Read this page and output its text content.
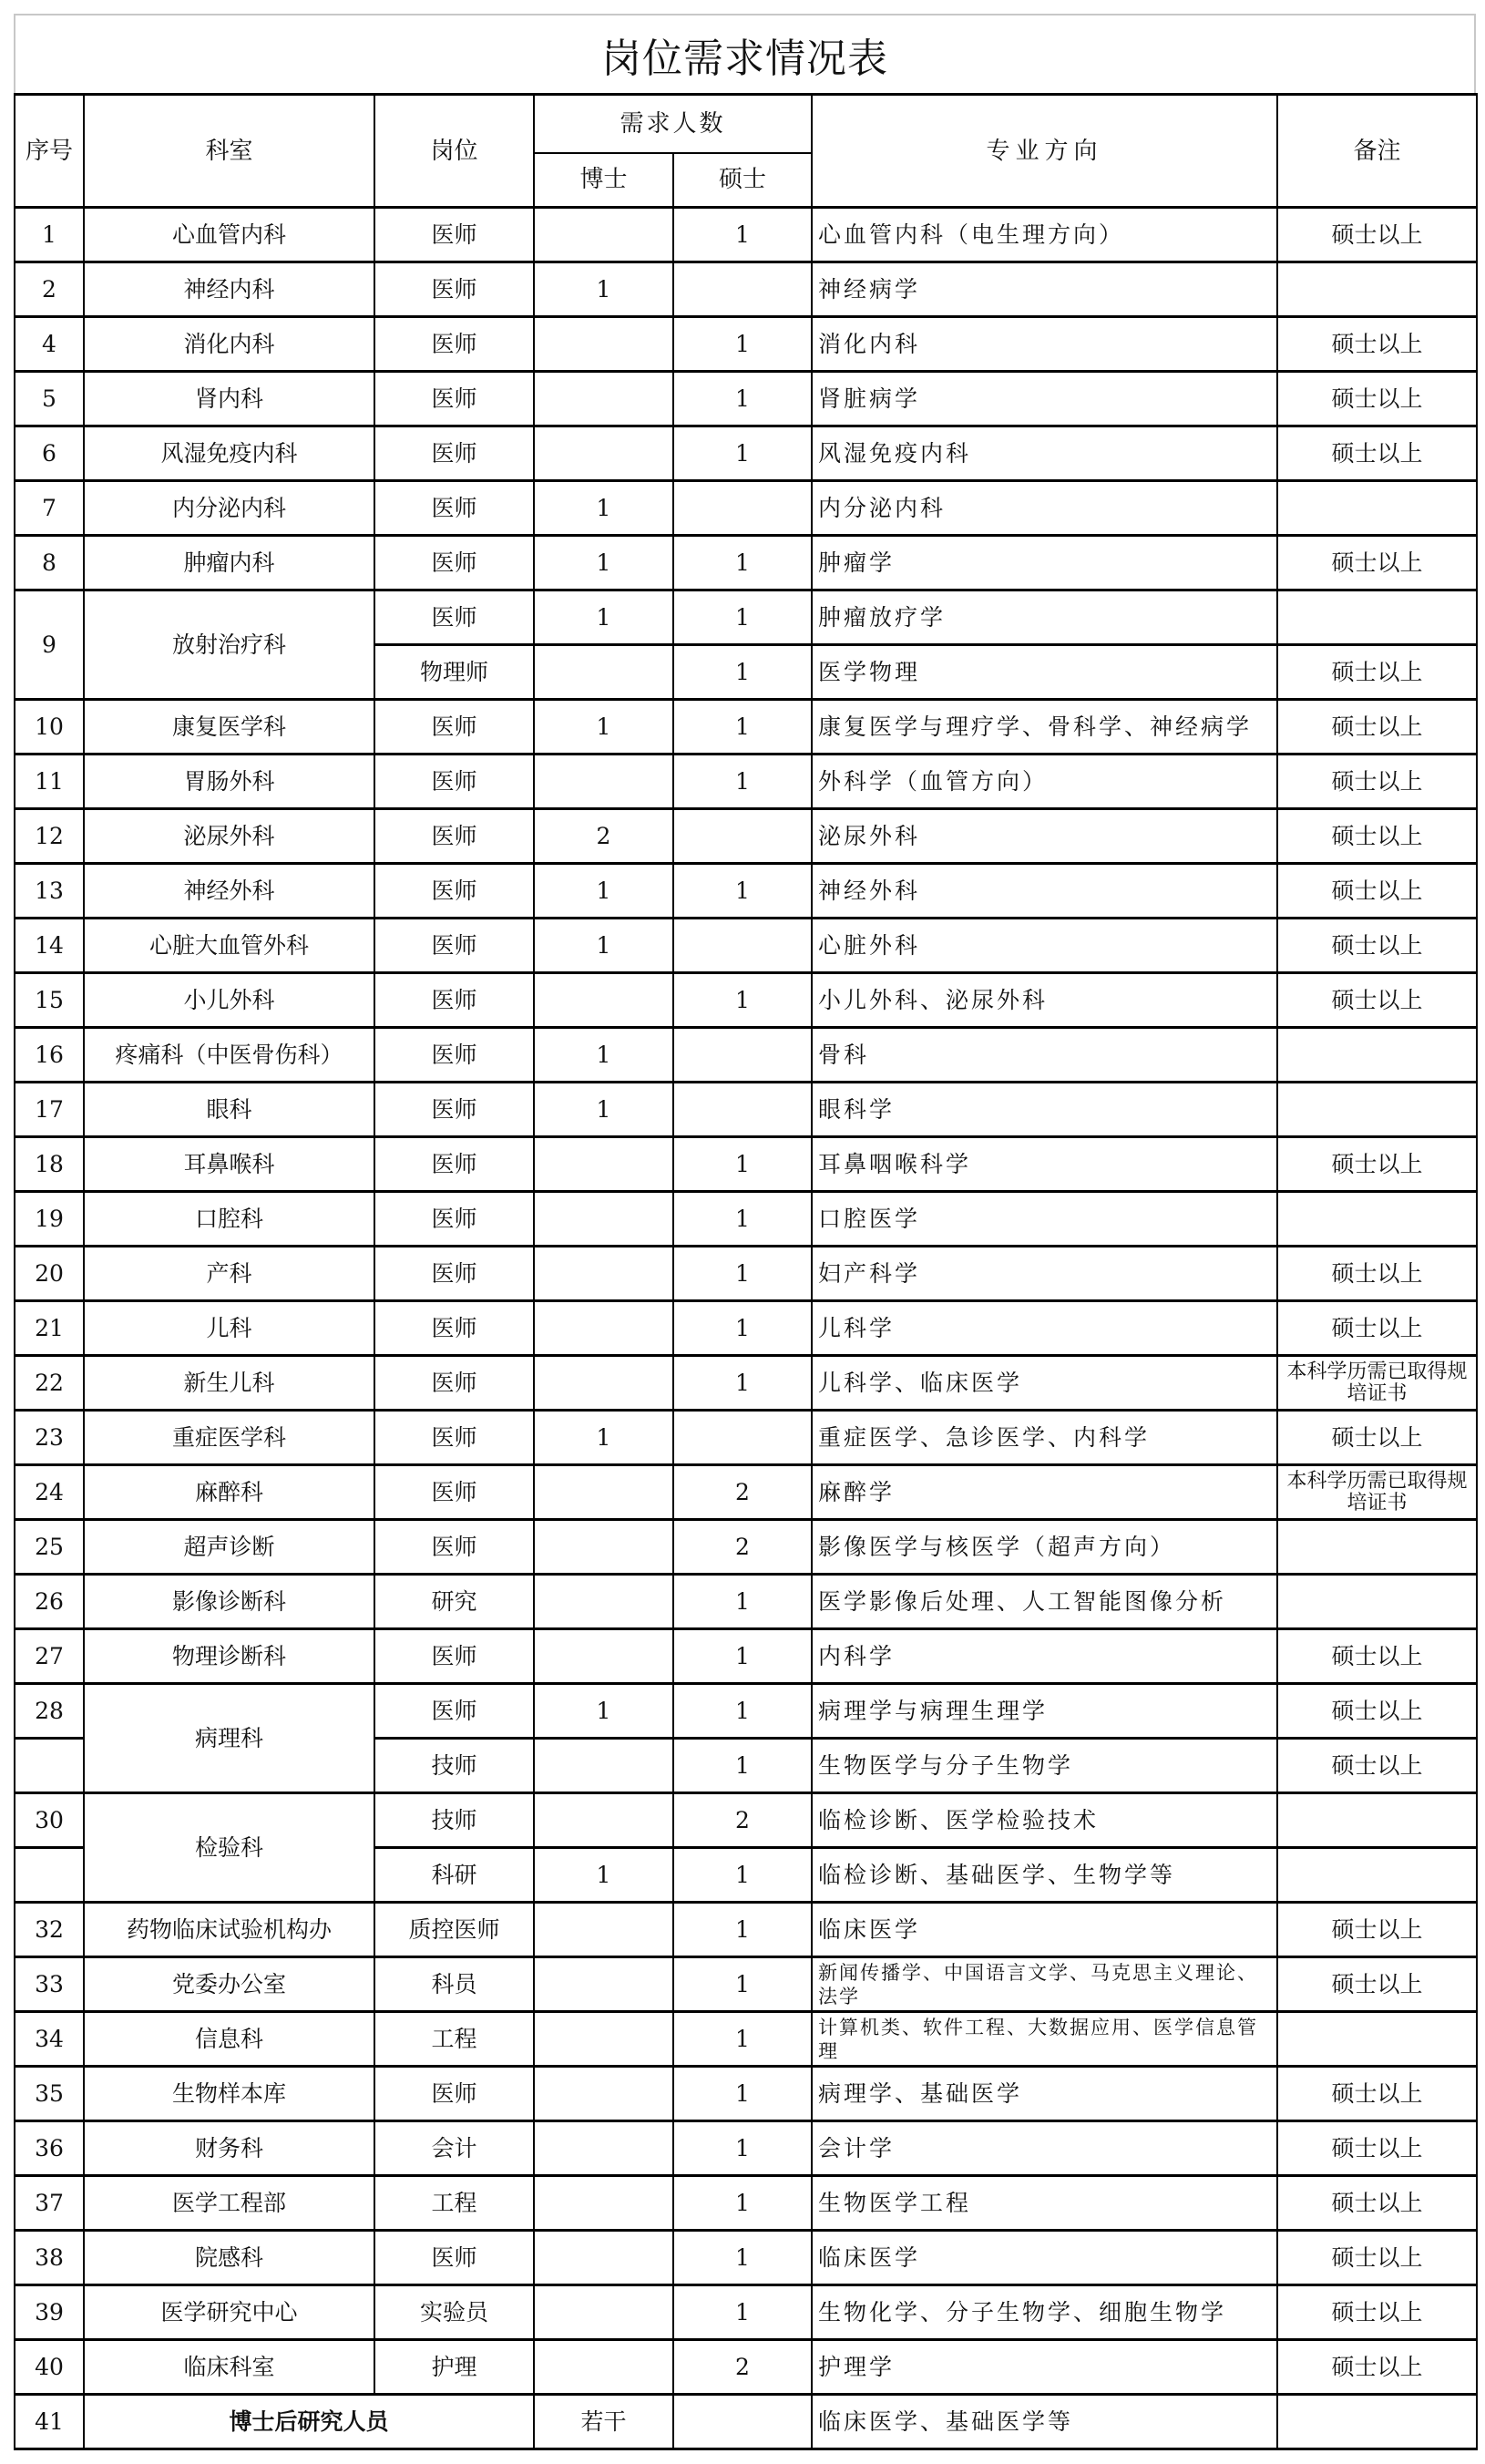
岗位需求情况表
序号	科室	岗位	需求人数		专业方向	备注
			博士	硕士		
1	心血管内科	医师		1	心血管内科（电生理方向）	硕士以上
2	神经内科	医师	1		神经病学	
4	消化内科	医师		1	消化内科	硕士以上
5	肾内科	医师		1	肾脏病学	硕士以上
6	风湿免疫内科	医师		1	风湿免疫内科	硕士以上
7	内分泌内科	医师	1		内分泌内科	
8	肿瘤内科	医师	1	1	肿瘤学	硕士以上
9	放射治疗科	医师	1	1	肿瘤放疗学	
		物理师		1	医学物理	硕士以上
10	康复医学科	医师	1	1	康复医学与理疗学、骨科学、神经病学	硕士以上
11	胃肠外科	医师		1	外科学（血管方向）	硕士以上
12	泌尿外科	医师	2		泌尿外科	硕士以上
13	神经外科	医师	1	1	神经外科	硕士以上
14	心脏大血管外科	医师	1		心脏外科	硕士以上
15	小儿外科	医师		1	小儿外科、泌尿外科	硕士以上
16	疼痛科（中医骨伤科）	医师	1		骨科	
17	眼科	医师	1		眼科学	
18	耳鼻喉科	医师		1	耳鼻咽喉科学	硕士以上
19	口腔科	医师		1	口腔医学	
20	产科	医师		1	妇产科学	硕士以上
21	儿科	医师		1	儿科学	硕士以上
22	新生儿科	医师		1	儿科学、临床医学	本科学历需已取得规培证书
23	重症医学科	医师	1		重症医学、急诊医学、内科学	硕士以上
24	麻醉科	医师		2	麻醉学	本科学历需已取得规培证书
25	超声诊断	医师		2	影像医学与核医学（超声方向）	
26	影像诊断科	研究		1	医学影像后处理、人工智能图像分析	
27	物理诊断科	医师		1	内科学	硕士以上
28	病理科	医师	1	1	病理学与病理生理学	硕士以上
		技师		1	生物医学与分子生物学	硕士以上
30	检验科	技师		2	临检诊断、医学检验技术	
		科研	1	1	临检诊断、基础医学、生物学等	
32	药物临床试验机构办	质控医师		1	临床医学	硕士以上
33	党委办公室	科员		1	新闻传播学、中国语言文学、马克思主义理论、法学	硕士以上
34	信息科	工程		1	计算机类、软件工程、大数据应用、医学信息管理	
35	生物样本库	医师		1	病理学、基础医学	硕士以上
36	财务科	会计		1	会计学	硕士以上
37	医学工程部	工程		1	生物医学工程	硕士以上
38	院感科	医师		1	临床医学	硕士以上
39	医学研究中心	实验员		1	生物化学、分子生物学、细胞生物学	硕士以上
40	临床科室	护理		2	护理学	硕士以上
41	博士后研究人员		若干		临床医学、基础医学等	
